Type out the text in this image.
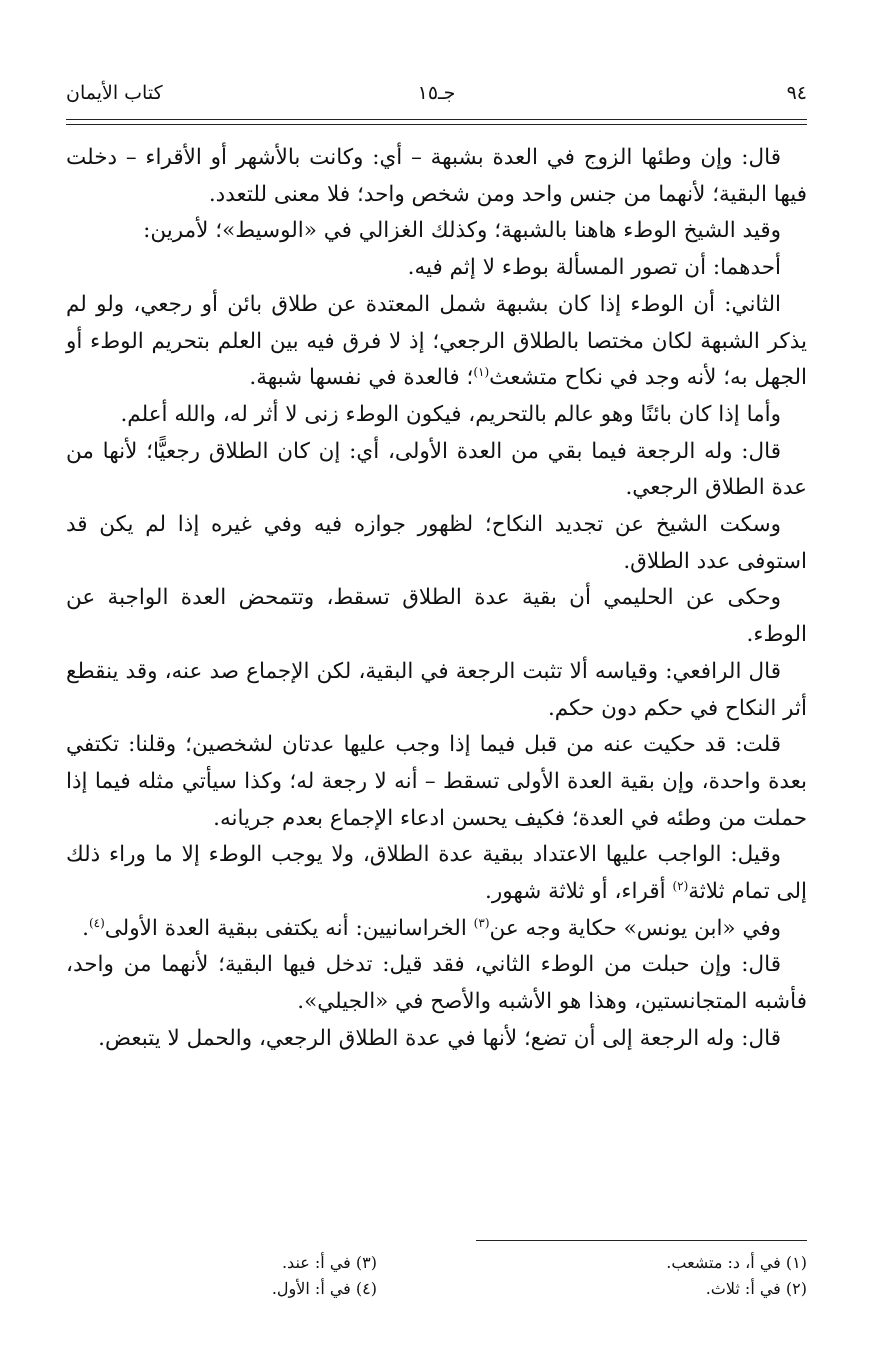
٩٤
جـ١٥
كتاب الأيمان

قال: وإن وطئها الزوج في العدة بشبهة – أي: وكانت بالأشهر أو الأقراء – دخلت فيها البقية؛ لأنهما من جنس واحد ومن شخص واحد؛ فلا معنى للتعدد.

وقيد الشيخ الوطء هاهنا بالشبهة؛ وكذلك الغزالي في «الوسيط»؛ لأمرين:

أحدهما: أن تصور المسألة بوطء لا إثم فيه.

الثاني: أن الوطء إذا كان بشبهة شمل المعتدة عن طلاق بائن أو رجعي، ولو لم يذكر الشبهة لكان مختصا بالطلاق الرجعي؛ إذ لا فرق فيه بين العلم بتحريم الوطء أو الجهل به؛ لأنه وجد في نكاح متشعث$^{(١)}$؛ فالعدة في نفسها شبهة.

وأما إذا كان بائنًا وهو عالم بالتحريم، فيكون الوطء زنى لا أثر له، والله أعلم.

قال: وله الرجعة فيما بقي من العدة الأولى، أي: إن كان الطلاق رجعيًّا؛ لأنها من عدة الطلاق الرجعي.

وسكت الشيخ عن تجديد النكاح؛ لظهور جوازه فيه وفي غيره إذا لم يكن قد استوفى عدد الطلاق.

وحكى عن الحليمي أن بقية عدة الطلاق تسقط، وتتمحض العدة الواجبة عن الوطء.

قال الرافعي: وقياسه ألا تثبت الرجعة في البقية، لكن الإجماع صد عنه، وقد ينقطع أثر النكاح في حكم دون حكم.

قلت: قد حكيت عنه من قبل فيما إذا وجب عليها عدتان لشخصين؛ وقلنا: تكتفي بعدة واحدة، وإن بقية العدة الأولى تسقط – أنه لا رجعة له؛ وكذا سيأتي مثله فيما إذا حملت من وطئه في العدة؛ فكيف يحسن ادعاء الإجماع بعدم جريانه.

وقيل: الواجب عليها الاعتداد ببقية عدة الطلاق، ولا يوجب الوطء إلا ما وراء ذلك إلى تمام ثلاثة$^{(٢)}$ أقراء، أو ثلاثة شهور.

وفي «ابن يونس» حكاية وجه عن$^{(٣)}$ الخراسانيين: أنه يكتفى ببقية العدة الأولى$^{(٤)}$.

قال: وإن حبلت من الوطء الثاني، فقد قيل: تدخل فيها البقية؛ لأنهما من واحد، فأشبه المتجانستين، وهذا هو الأشبه والأصح في «الجيلي».

قال: وله الرجعة إلى أن تضع؛ لأنها في عدة الطلاق الرجعي، والحمل لا يتبعض.

(١) في أ، د: متشعب.
(٢) في أ: ثلاث.
(٣) في أ: عند.
(٤) في أ: الأول.
